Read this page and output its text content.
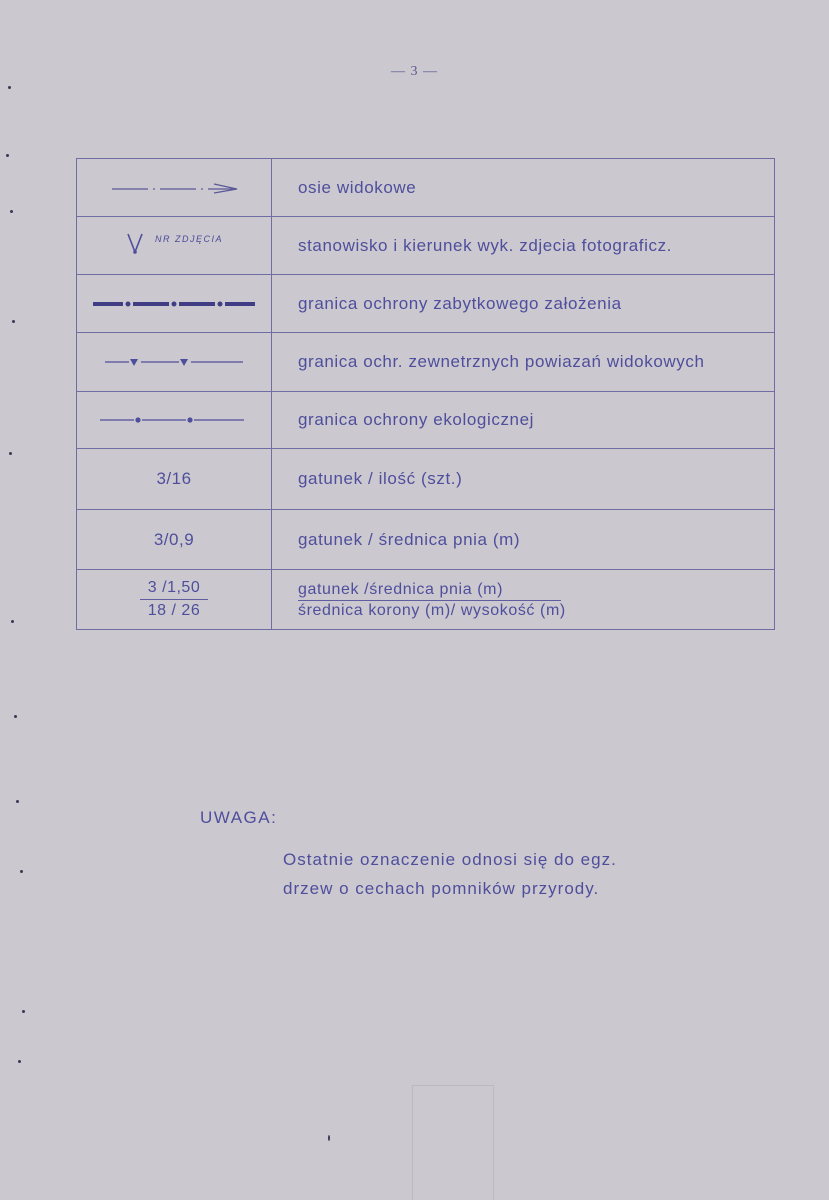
— 3 —
	osie widokowe

NR ZDJĘCIA	stanowisko i kierunek wyk. zdjecia fotograficz.

	granica ochrony zabytkowego założenia

	granica ochr. zewnetrznych powiazań widokowych

	granica ochrony ekologicznej
3/16	gatunek / ilość (szt.)
3/0,9	gatunek / średnica pnia (m)

$\frac{3 /1,50}{18 / 26}$	gatunek /średnica pnia (m)
średnica korony (m)/ wysokość (m)
UWAGA:
Ostatnie oznaczenie odnosi się do egz.
drzew o cechach pomników przyrody.
